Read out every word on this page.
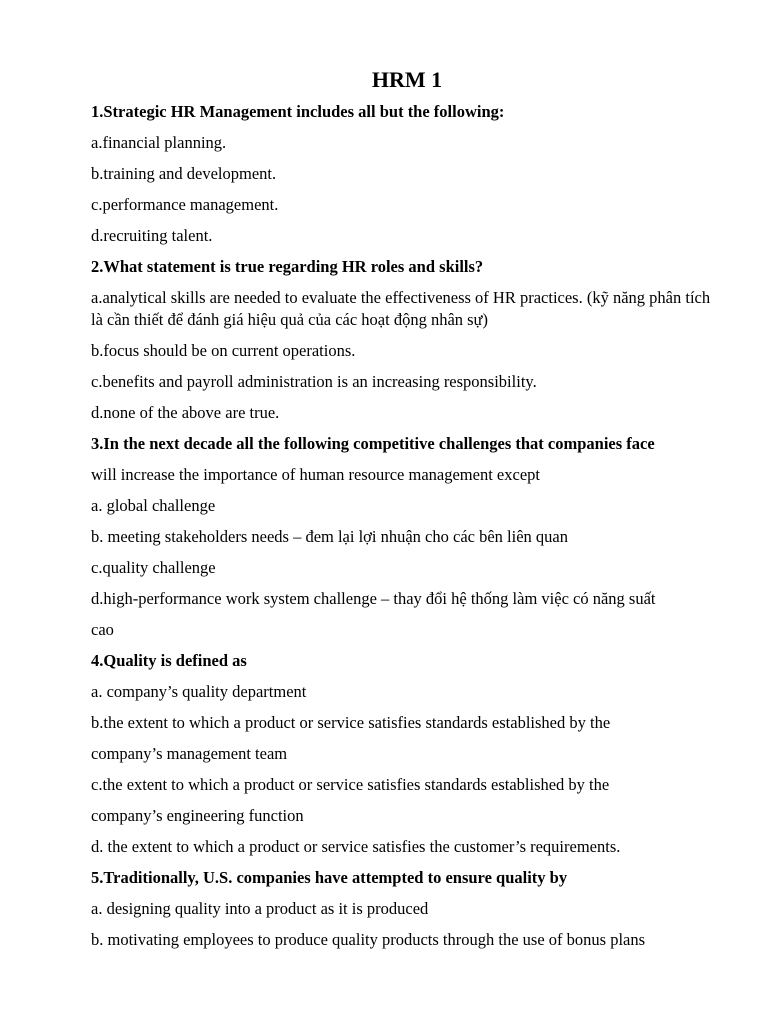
HRM 1
1.Strategic HR Management includes all but the following:
a.financial planning.
b.training and development.
c.performance management.
d.recruiting talent.
2.What statement is true regarding HR roles and skills?
a.analytical skills are needed to evaluate the effectiveness of HR practices. (kỹ năng phân tích là cần thiết để đánh giá hiệu quả của các hoạt động nhân sự)
b.focus should be on current operations.
c.benefits and payroll administration is an increasing responsibility.
d.none of the above are true.
3.In the next decade all the following competitive challenges that companies face
will increase the importance of human resource management except
a. global challenge
b. meeting stakeholders needs – đem lại lợi nhuận cho các bên liên quan
c.quality challenge
d.high-performance work system challenge – thay đổi hệ thống làm việc có năng suất
cao
4.Quality is defined as
a. company’s quality department
b.the extent to which a product or service satisfies standards established by the
company’s management team
c.the extent to which a product or service satisfies standards established by the
company’s engineering function
d. the extent to which a product or service satisfies the customer’s requirements.
5.Traditionally, U.S. companies have attempted to ensure quality by
a. designing quality into a product as it is produced
b. motivating employees to produce quality products through the use of bonus plans
